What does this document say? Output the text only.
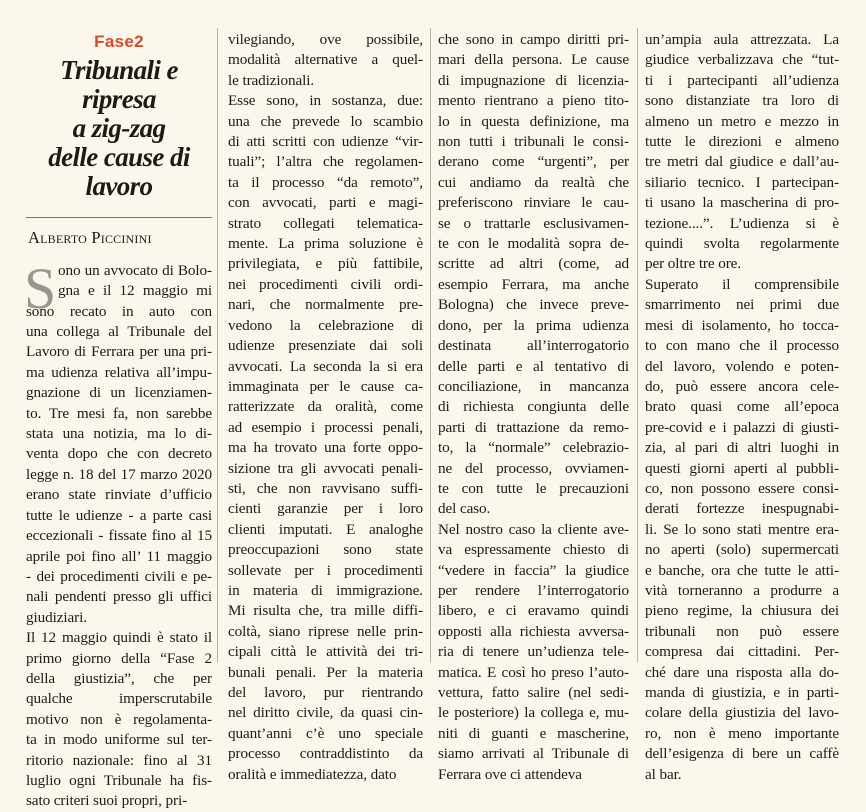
Fase2
Tribunali e ripresa
a zig-zag
delle cause di lavoro
Alberto Piccinini
S ono un avvocato di Bolo-
gna e il 12 maggio mi
sono recato in auto con
una collega al Tribunale del
Lavoro di Ferrara per una pri-
ma udienza relativa all’impu-
gnazione di un licenziamen-
to. Tre mesi fa, non sarebbe
stata una notizia, ma lo di-
venta dopo che con decreto
legge n. 18 del 17 marzo 2020
erano state rinviate d’ufficio
tutte le udienze - a parte casi
eccezionali - fissate fino al 15
aprile poi fino all’ 11 maggio
- dei procedimenti civili e pe-
nali pendenti presso gli uffici
giudiziari.
Il 12 maggio quindi è stato il
primo giorno della “Fase 2
della giustizia”, che per
qualche imperscrutabile
motivo non è regolamenta-
ta in modo uniforme sul ter-
ritorio nazionale: fino al 31
luglio ogni Tribunale ha fis-
sato criteri suoi propri, pri-
vilegiando, ove possibile,
modalità alternative a quel-
le tradizionali.
Esse sono, in sostanza, due:
una che prevede lo scambio
di atti scritti con udienze “vir-
tuali”; l’altra che regolamen-
ta il processo “da remoto”,
con avvocati, parti e magi-
strato collegati telematica-
mente. La prima soluzione è
privilegiata, e più fattibile,
nei procedimenti civili ordi-
nari, che normalmente pre-
vedono la celebrazione di
udienze presenziate dai soli
avvocati. La seconda la si era
immaginata per le cause ca-
ratterizzate da oralità, come
ad esempio i processi penali,
ma ha trovato una forte oppo-
sizione tra gli avvocati penali-
sti, che non ravvisano suffi-
cienti garanzie per i loro
clienti imputati. E analoghe
preoccupazioni sono state
sollevate per i procedimenti
in materia di immigrazione.
Mi risulta che, tra mille diffi-
coltà, siano riprese nelle prin-
cipali città le attività dei tri-
bunali penali. Per la materia
del lavoro, pur rientrando
nel diritto civile, da quasi cin-
quant’anni c’è uno speciale
processo contraddistinto da
oralità e immediatezza, dato
che sono in campo diritti pri-
mari della persona. Le cause
di impugnazione di licenzia-
mento rientrano a pieno tito-
lo in questa definizione, ma
non tutti i tribunali le consi-
derano come “urgenti”, per
cui andiamo da realtà che
preferiscono rinviare le cau-
se o trattarle esclusivamen-
te con le modalità sopra de-
scritte ad altri (come, ad
esempio Ferrara, ma anche
Bologna) che invece preve-
dono, per la prima udienza
destinata all’interrogatorio
delle parti e al tentativo di
conciliazione, in mancanza
di richiesta congiunta delle
parti di trattazione da remo-
to, la “normale” celebrazio-
ne del processo, ovviamen-
te con tutte le precauzioni
del caso.
Nel nostro caso la cliente ave-
va espressamente chiesto di
“vedere in faccia” la giudice
per rendere l’interrogatorio
libero, e ci eravamo quindi
opposti alla richiesta avversa-
ria di tenere un’udienza tele-
matica. E così ho preso l’auto-
vettura, fatto salire (nel sedi-
le posteriore) la collega e, mu-
niti di guanti e mascherine,
siamo arrivati al Tribunale di
Ferrara ove ci attendeva
un’ampia aula attrezzata. La
giudice verbalizzava che “tut-
ti i partecipanti all’udienza
sono distanziate tra loro di
almeno un metro e mezzo in
tutte le direzioni e almeno
tre metri dal giudice e dall’au-
siliario tecnico. I partecipan-
ti usano la mascherina di pro-
tezione....”. L’udienza si è
quindi svolta regolarmente
per oltre tre ore.
Superato il comprensibile
smarrimento nei primi due
mesi di isolamento, ho tocca-
to con mano che il processo
del lavoro, volendo e poten-
do, può essere ancora cele-
brato quasi come all’epoca
pre-covid e i palazzi di giusti-
zia, al pari di altri luoghi in
questi giorni aperti al pubbli-
co, non possono essere consi-
derati fortezze inespugnabi-
li. Se lo sono stati mentre era-
no aperti (solo) supermercati
e banche, ora che tutte le atti-
vità torneranno a produrre a
pieno regime, la chiusura dei
tribunali non può essere
compresa dai cittadini. Per-
ché dare una risposta alla do-
manda di giustizia, e in parti-
colare della giustizia del lavo-
ro, non è meno importante
dell’esigenza di bere un caffè
al bar.
